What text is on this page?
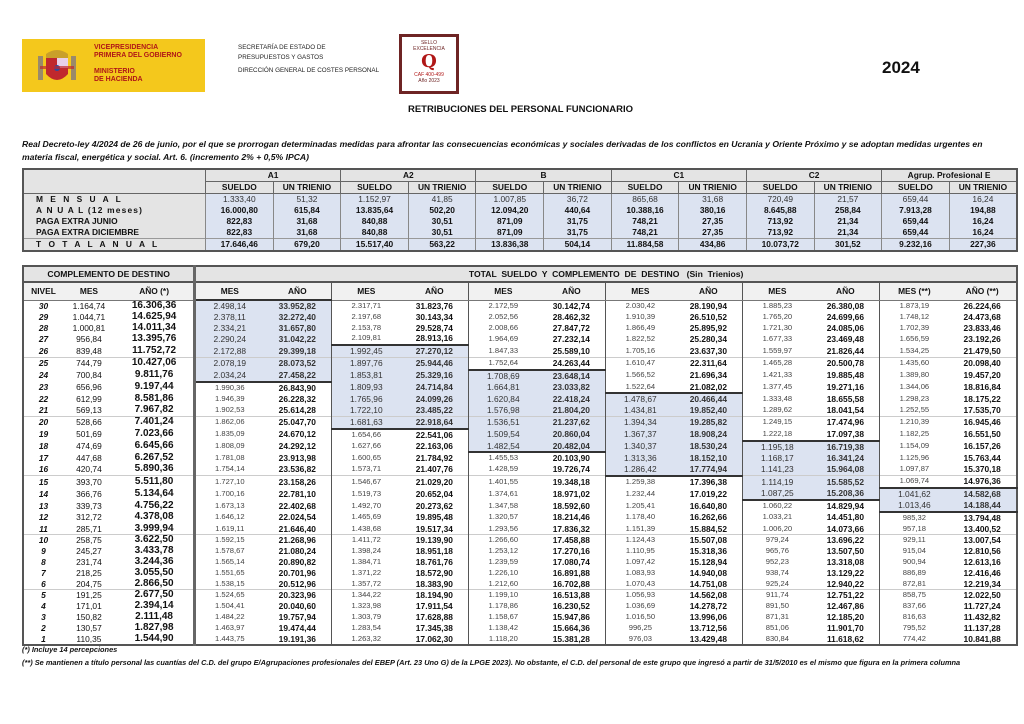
VICEPRESIDENCIA
PRIMERA DEL GOBIERNO
MINISTERIO
DE HACIENDA
SECRETARÍA DE ESTADO DE
PRESUPUESTOS Y GASTOS
DIRECCIÓN GENERAL DE COSTES PERSONAL
SELLO
EXCELENCIA
Q
CAF 400-499
Año 2023
2024
RETRIBUCIONES DEL PERSONAL FUNCIONARIO
Real Decreto-ley 4/2024 de 26 de junio, por el que se prorrogan determinadas medidas para afrontar las consecuencias económicas y sociales derivadas de los conflictos en Ucrania y Oriente Próximo y se adoptan medidas urgentes en materia fiscal, energética y social. Art. 6. (incremento 2% + 0,5% IPCA)
	A1		A2		B		C1		C2		Agrup. Profesional E	
	SUELDO	UN TRIENIO	SUELDO	UN TRIENIO	SUELDO	UN TRIENIO	SUELDO	UN TRIENIO	SUELDO	UN TRIENIO	SUELDO	UN TRIENIO
M E N S U A L	1.333,40	51,32	1.152,97	41,85	1.007,85	36,72	865,68	31,68	720,49	21,57	659,44	16,24
A N U A L (12 meses)	16.000,80	615,84	13.835,64	502,20	12.094,20	440,64	10.388,16	380,16	8.645,88	258,84	7.913,28	194,88
PAGA EXTRA JUNIO	822,83	31,68	840,88	30,51	871,09	31,75	748,21	27,35	713,92	21,34	659,44	16,24
PAGA EXTRA DICIEMBRE	822,83	31,68	840,88	30,51	871,09	31,75	748,21	27,35	713,92	21,34	659,44	16,24
T O T A L A N U A L	17.646,46	679,20	15.517,40	563,22	13.836,38	504,14	11.884,58	434,86	10.073,72	301,52	9.232,16	227,36
COMPLEMENTO DE DESTINO			TOTAL  SUELDO  Y  COMPLEMENTO  DE  DESTINO   (Sin  Trienios)											
NIVEL	MES	AÑO (*)	MES	AÑO	MES	AÑO	MES	AÑO	MES	AÑO	MES	AÑO	MES (**)	AÑO (**)
30	1.164,74	16.306,36	2.498,14	33.952,82	2.317,71	31.823,76	2.172,59	30.142,74	2.030,42	28.190,94	1.885,23	26.380,08	1.873,19	26.224,66
29	1.044,71	14.625,94	2.378,11	32.272,40	2.197,68	30.143,34	2.052,56	28.462,32	1.910,39	26.510,52	1.765,20	24.699,66	1.748,12	24.473,68
28	1.000,81	14.011,34	2.334,21	31.657,80	2.153,78	29.528,74	2.008,66	27.847,72	1.866,49	25.895,92	1.721,30	24.085,06	1.702,39	23.833,46
27	956,84	13.395,76	2.290,24	31.042,22	2.109,81	28.913,16	1.964,69	27.232,14	1.822,52	25.280,34	1.677,33	23.469,48	1.656,59	23.192,26
26	839,48	11.752,72	2.172,88	29.399,18	1.992,45	27.270,12	1.847,33	25.589,10	1.705,16	23.637,30	1.559,97	21.826,44	1.534,25	21.479,50
25	744,79	10.427,06	2.078,19	28.073,52	1.897,76	25.944,46	1.752,64	24.263,44	1.610,47	22.311,64	1.465,28	20.500,78	1.435,60	20.098,40
24	700,84	9.811,76	2.034,24	27.458,22	1.853,81	25.329,16	1.708,69	23.648,14	1.566,52	21.696,34	1.421,33	19.885,48	1.389,80	19.457,20
23	656,96	9.197,44	1.990,36	26.843,90	1.809,93	24.714,84	1.664,81	23.033,82	1.522,64	21.082,02	1.377,45	19.271,16	1.344,06	18.816,84
22	612,99	8.581,86	1.946,39	26.228,32	1.765,96	24.099,26	1.620,84	22.418,24	1.478,67	20.466,44	1.333,48	18.655,58	1.298,23	18.175,22
21	569,13	7.967,82	1.902,53	25.614,28	1.722,10	23.485,22	1.576,98	21.804,20	1.434,81	19.852,40	1.289,62	18.041,54	1.252,55	17.535,70
20	528,66	7.401,24	1.862,06	25.047,70	1.681,63	22.918,64	1.536,51	21.237,62	1.394,34	19.285,82	1.249,15	17.474,96	1.210,39	16.945,46
19	501,69	7.023,66	1.835,09	24.670,12	1.654,66	22.541,06	1.509,54	20.860,04	1.367,37	18.908,24	1.222,18	17.097,38	1.182,25	16.551,50
18	474,69	6.645,66	1.808,09	24.292,12	1.627,66	22.163,06	1.482,54	20.482,04	1.340,37	18.530,24	1.195,18	16.719,38	1.154,09	16.157,26
17	447,68	6.267,52	1.781,08	23.913,98	1.600,65	21.784,92	1.455,53	20.103,90	1.313,36	18.152,10	1.168,17	16.341,24	1.125,96	15.763,44
16	420,74	5.890,36	1.754,14	23.536,82	1.573,71	21.407,76	1.428,59	19.726,74	1.286,42	17.774,94	1.141,23	15.964,08	1.097,87	15.370,18
15	393,70	5.511,80	1.727,10	23.158,26	1.546,67	21.029,20	1.401,55	19.348,18	1.259,38	17.396,38	1.114,19	15.585,52	1.069,74	14.976,36
14	366,76	5.134,64	1.700,16	22.781,10	1.519,73	20.652,04	1.374,61	18.971,02	1.232,44	17.019,22	1.087,25	15.208,36	1.041,62	14.582,68
13	339,73	4.756,22	1.673,13	22.402,68	1.492,70	20.273,62	1.347,58	18.592,60	1.205,41	16.640,80	1.060,22	14.829,94	1.013,46	14.188,44
12	312,72	4.378,08	1.646,12	22.024,54	1.465,69	19.895,48	1.320,57	18.214,46	1.178,40	16.262,66	1.033,21	14.451,80	985,32	13.794,48
11	285,71	3.999,94	1.619,11	21.646,40	1.438,68	19.517,34	1.293,56	17.836,32	1.151,39	15.884,52	1.006,20	14.073,66	957,18	13.400,52
10	258,75	3.622,50	1.592,15	21.268,96	1.411,72	19.139,90	1.266,60	17.458,88	1.124,43	15.507,08	979,24	13.696,22	929,11	13.007,54
9	245,27	3.433,78	1.578,67	21.080,24	1.398,24	18.951,18	1.253,12	17.270,16	1.110,95	15.318,36	965,76	13.507,50	915,04	12.810,56
8	231,74	3.244,36	1.565,14	20.890,82	1.384,71	18.761,76	1.239,59	17.080,74	1.097,42	15.128,94	952,23	13.318,08	900,94	12.613,16
7	218,25	3.055,50	1.551,65	20.701,96	1.371,22	18.572,90	1.226,10	16.891,88	1.083,93	14.940,08	938,74	13.129,22	886,89	12.416,46
6	204,75	2.866,50	1.538,15	20.512,96	1.357,72	18.383,90	1.212,60	16.702,88	1.070,43	14.751,08	925,24	12.940,22	872,81	12.219,34
5	191,25	2.677,50	1.524,65	20.323,96	1.344,22	18.194,90	1.199,10	16.513,88	1.056,93	14.562,08	911,74	12.751,22	858,75	12.022,50
4	171,01	2.394,14	1.504,41	20.040,60	1.323,98	17.911,54	1.178,86	16.230,52	1.036,69	14.278,72	891,50	12.467,86	837,66	11.727,24
3	150,82	2.111,48	1.484,22	19.757,94	1.303,79	17.628,88	1.158,67	15.947,86	1.016,50	13.996,06	871,31	12.185,20	816,63	11.432,82
2	130,57	1.827,98	1.463,97	19.474,44	1.283,54	17.345,38	1.138,42	15.664,36	996,25	13.712,56	851,06	11.901,70	795,52	11.137,28
1	110,35	1.544,90	1.443,75	19.191,36	1.263,32	17.062,30	1.118,20	15.381,28	976,03	13.429,48	830,84	11.618,62	774,42	10.841,88
(*) Incluye 14 percepciones
(**) Se mantienen a título personal las cuantías del C.D. del grupo E/Agrupaciones profesionales del EBEP (Art. 23 Uno G) de la LPGE 2023). No obstante, el C.D. del personal de este grupo que ingresó a partir de 31/5/2010 es el mismo que figura en la primera columna
